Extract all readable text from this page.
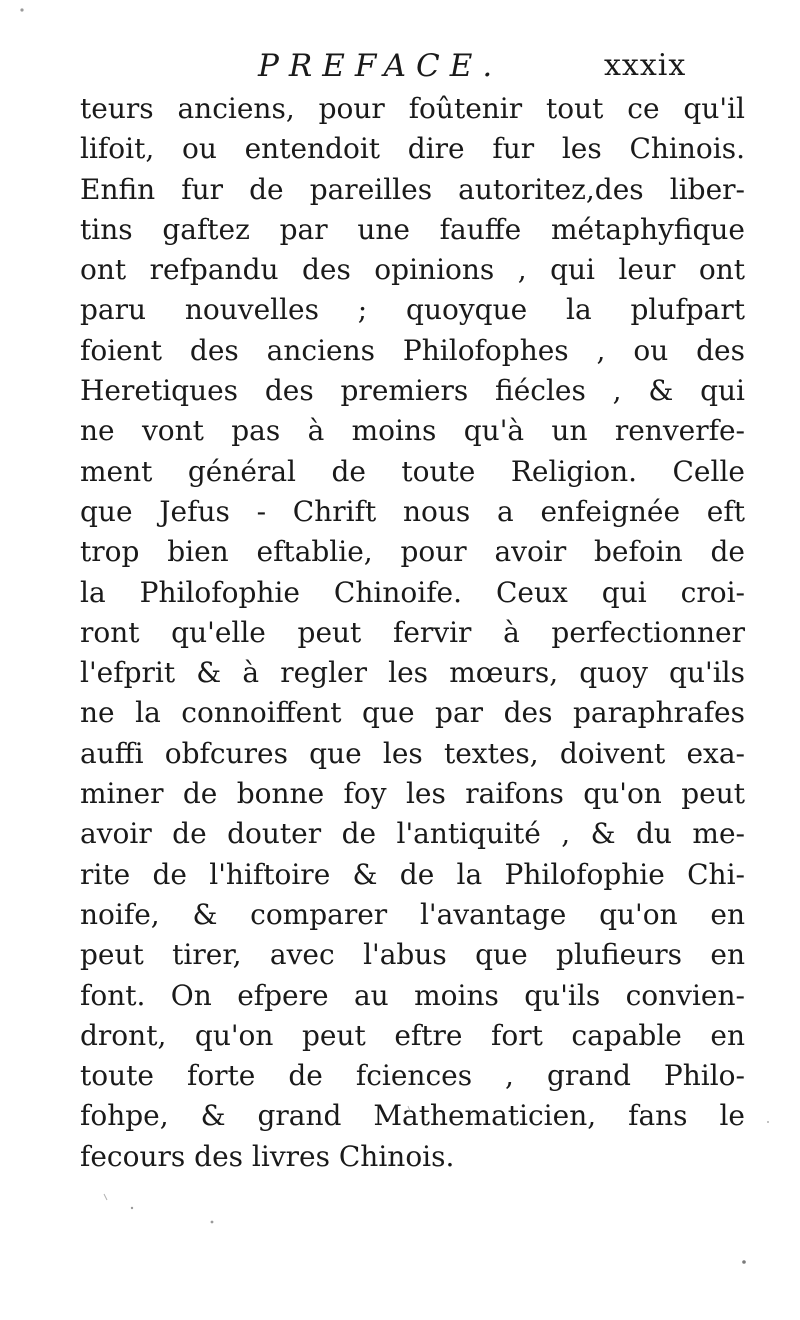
PREFACE.	xxxix
teurs anciens, pour foûtenir tout ce qu'il
lifoit, ou entendoit dire fur les Chinois.
Enfin fur de pareilles autoritez,des liber-
tins gaftez par une fauffe métaphyfique
ont refpandu des opinions , qui leur ont
paru nouvelles ; quoyque la plufpart
foient des anciens Philofophes , ou des
Heretiques des premiers fiécles , & qui
ne vont pas à moins qu'à un renverfe-
ment général de toute Religion. Celle
que Jefus - Chrift nous a enfeignée eft
trop bien eftablie, pour avoir befoin de
la Philofophie Chinoife. Ceux qui croi-
ront qu'elle peut fervir à perfectionner
l'efprit & à regler les mœurs, quoy qu'ils
ne la connoiffent que par des paraphrafes
auffi obfcures que les textes, doivent exa-
miner de bonne foy les raifons qu'on peut
avoir de douter de l'antiquité , & du me-
rite de l'hiftoire & de la Philofophie Chi-
noife, & comparer l'avantage qu'on en
peut tirer, avec l'abus que plufieurs en
font. On efpere au moins qu'ils convien-
dront, qu'on peut eftre fort capable en
toute forte de fciences , grand Philo-
fohpe, & grand Mathematicien, fans le
fecours des livres Chinois.
